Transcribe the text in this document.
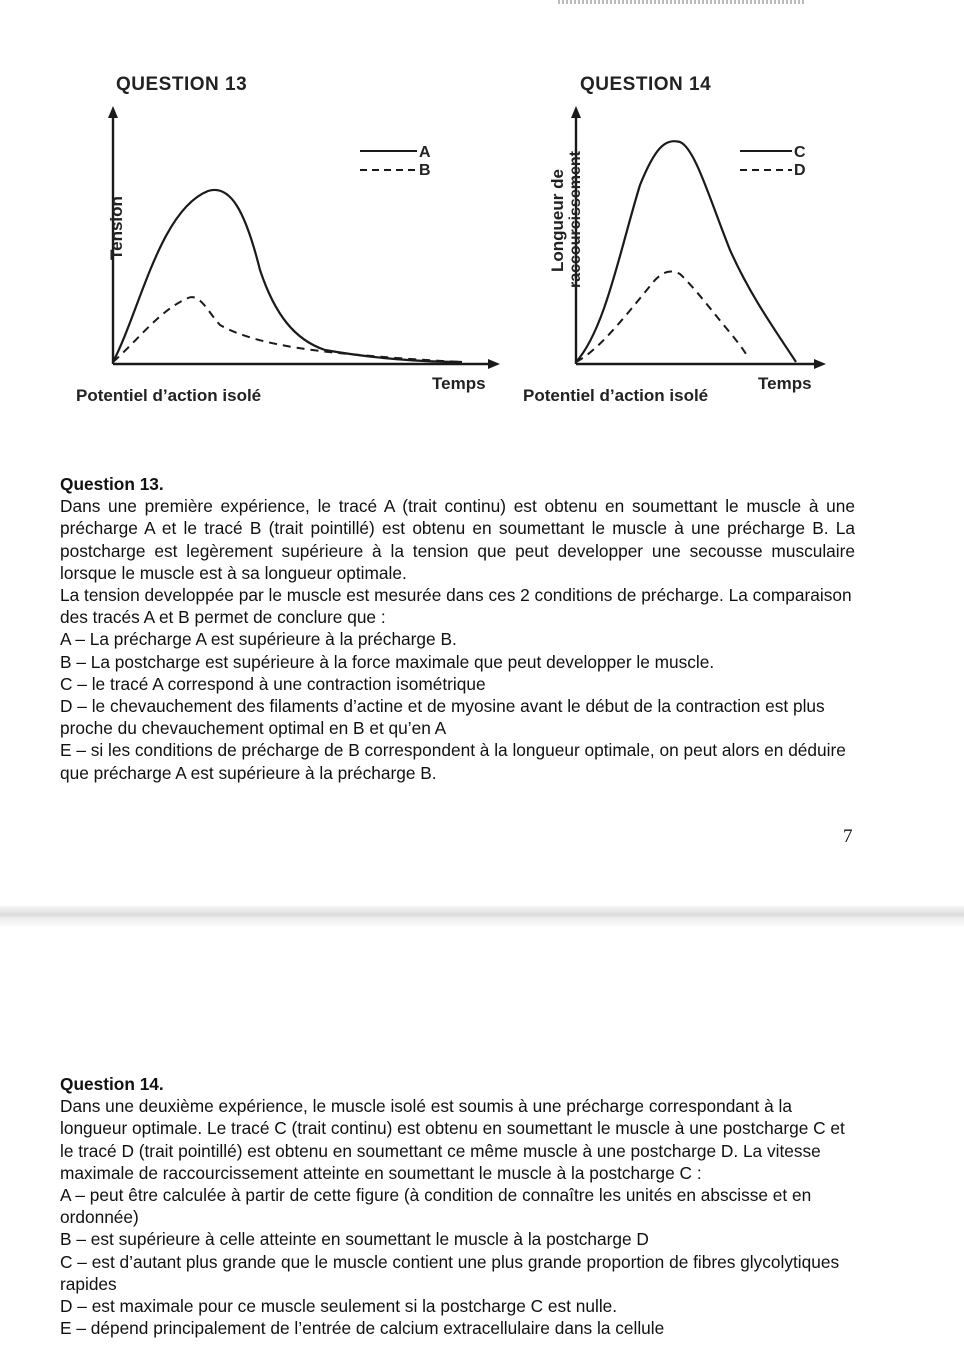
QUESTION 13
Tension
Temps
Potentiel d’action isolé
A
B
QUESTION 14
Longueur de raccourcissement
Temps
Potentiel d’action isolé
C
D

Question 13.

Dans une première expérience, le tracé A (trait continu) est obtenu en soumettant le muscle à une précharge A et le tracé B (trait pointillé) est obtenu en soumettant le muscle à une précharge B. La postcharge est legèrement supérieure à la tension que peut developper une secousse musculaire lorsque le muscle est à sa longueur optimale.

La tension developpée par le muscle est mesurée dans ces 2 conditions de précharge. La comparaison des tracés A et B permet de conclure que :

A – La précharge A est supérieure à la précharge B.

B – La postcharge est supérieure à la force maximale que peut developper le muscle.

C – le tracé A correspond à une contraction isométrique

D – le chevauchement des filaments d’actine et de myosine avant le début de la contraction est plus proche du chevauchement optimal en B et qu’en A

E – si les conditions de précharge de B correspondent à la longueur optimale, on peut alors en déduire que précharge A est supérieure à la précharge B.

7

Question 14.

Dans une deuxième expérience, le muscle isolé est soumis à une précharge correspondant à la longueur optimale. Le tracé C (trait continu) est obtenu en soumettant le muscle à une postcharge C et le tracé D (trait pointillé) est obtenu en soumettant ce même muscle à une postcharge D. La vitesse maximale de raccourcissement atteinte en soumettant le muscle à la postcharge C :

A – peut être calculée à partir de cette figure (à condition de connaître les unités en abscisse et en ordonnée)

B – est supérieure à celle atteinte en soumettant le muscle à la postcharge D

C – est d’autant plus grande que le muscle contient une plus grande proportion de fibres glycolytiques rapides

D – est maximale pour ce muscle seulement si la postcharge C est nulle.

E – dépend principalement de l’entrée de calcium extracellulaire dans la cellule
